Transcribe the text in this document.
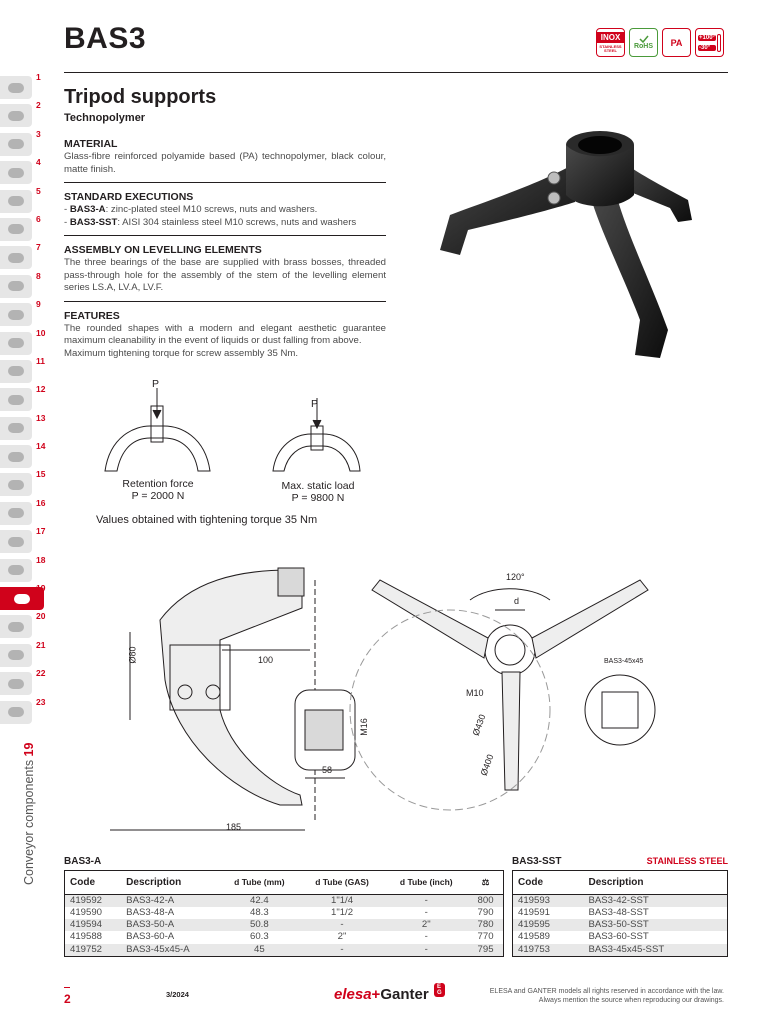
BAS3	INOX
STAINLESS STEEL
RoHS PA	+100°
-30°
1
2
3
4
5
6
7
8
9
10
11
12
13
14
15
16
17
18
19
20
21
22
23
Conveyor components 19
Tripod supports
Technopolymer
MATERIAL

Glass-fibre reinforced polyamide based (PA) technopolymer, black colour, matte finish.

STANDARD EXECUTIONS
- BAS3-A: zinc-plated steel M10 screws, nuts and washers.
- BAS3-SST: AISI 304 stainless steel M10 screws, nuts and washers
ASSEMBLY ON LEVELLING ELEMENTS

The three bearings of the base are supplied with brass bosses, threaded pass-through hole for the assembly of the stem of the levelling element series LS.A, LV.A, LV.F.

FEATURES

The rounded shapes with a modern and elegant aesthetic guarantee maximum cleanability in the event of liquids or dust falling from above.

Maximum tightening torque for screw assembly 35 Nm.

P
P
Retention force
P = 2000 N
Max. static load
P = 9800 N
Values obtained with tightening torque 35 Nm
Ø80	100
185
58
M16
120°
d
M10
Ø430
Ø400
BAS3-45x45
BAS3-A
Code	Description	d Tube (mm)	d Tube (GAS)	d Tube (inch)	⚖
419592	BAS3-42-A	42.4	1"1/4	-	800
419590	BAS3-48-A	48.3	1"1/2	-	790
419594	BAS3-50-A	50.8	-	2"	780
419588	BAS3-60-A	60.3	2"	-	770
419752	BAS3-45x45-A	45	-	-	795
BAS3-SST	STAINLESS STEEL
Code	Description
419593	BAS3-42-SST
419591	BAS3-48-SST
419595	BAS3-50-SST
419589	BAS3-60-SST
419753	BAS3-45x45-SST
2	3/2024	elesa+Ganter	E G	ELESA and GANTER models all rights reserved in accordance with the law.
Always mention the source when reproducing our drawings.
